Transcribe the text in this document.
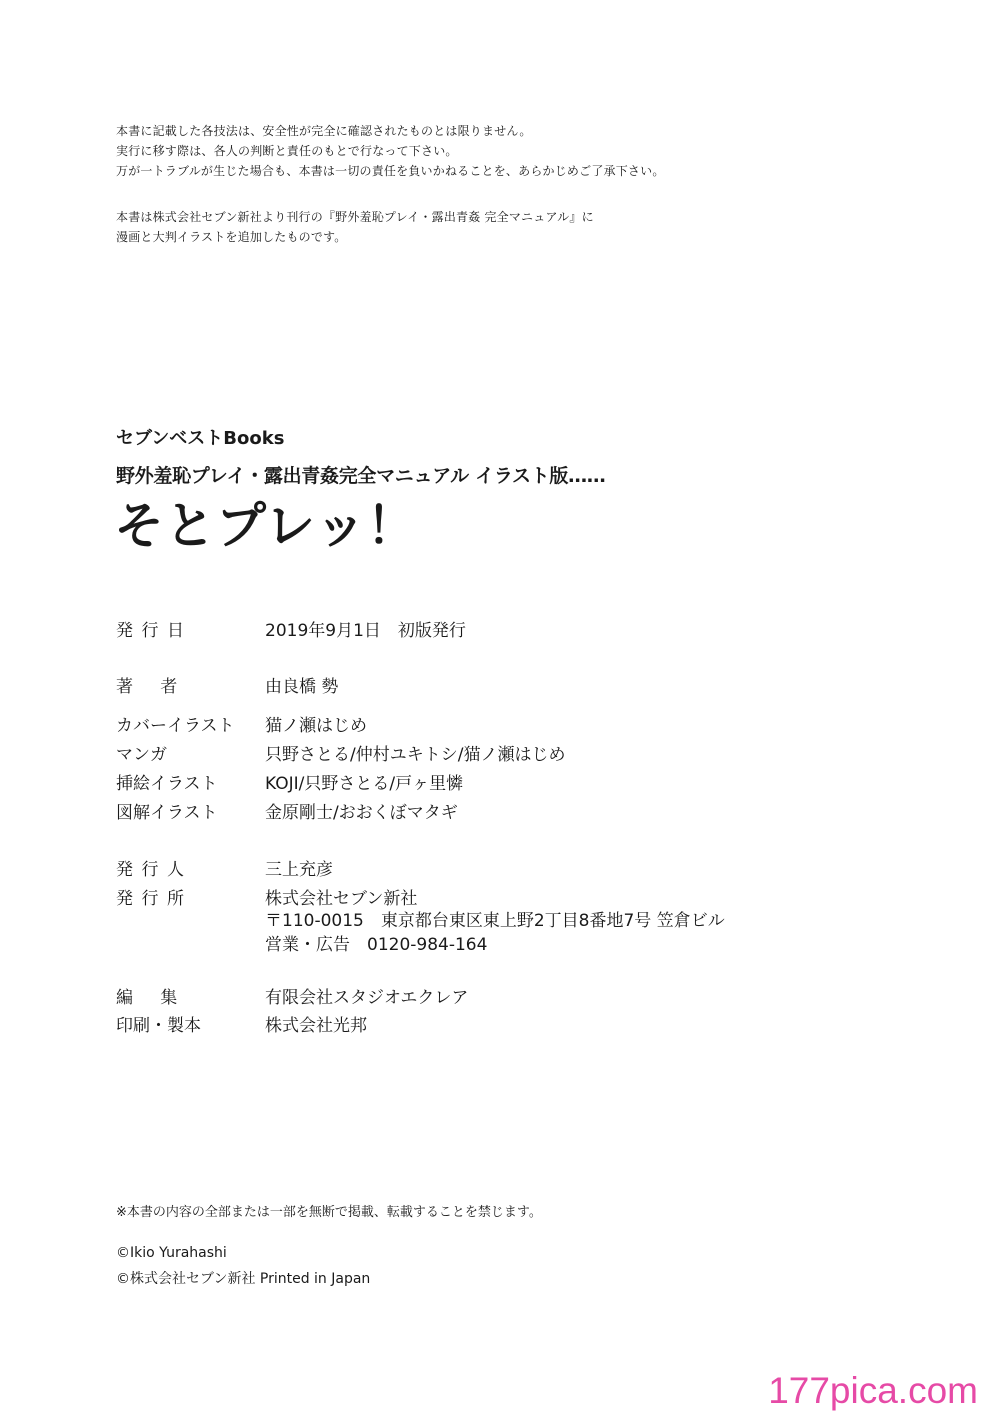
本書に記載した各技法は、安全性が完全に確認されたものとは限りません。
実行に移す際は、各人の判断と責任のもとで行なって下さい。
万が一トラブルが生じた場合も、本書は一切の責任を負いかねることを、あらかじめご了承下さい。
本書は株式会社セブン新社より刊行の『野外羞恥プレイ・露出青姦 完全マニュアル』に
漫画と大判イラストを追加したものです。
セブンベストBooks
野外羞恥プレイ・露出青姦完全マニュアル イラスト版……
そとプレッ！
発行日	2019年9月1日　初版発行
著者	由良橋 勢
カバーイラスト	猫ノ瀬はじめ
マンガ	只野さとる/仲村ユキトシ/猫ノ瀬はじめ
挿絵イラスト	KOJI/只野さとる/戸ヶ里憐
図解イラスト	金原剛士/おおくぼマタギ
発行人	三上充彦
発行所	株式会社セブン新社
〒110-0015　東京都台東区東上野2丁目8番地7号 笠倉ビル
営業・広告　0120-984-164
編集	有限会社スタジオエクレア
印刷・製本	株式会社光邦
※本書の内容の全部または一部を無断で掲載、転載することを禁じます。
©Ikio Yurahashi
©株式会社セブン新社 Printed in Japan
177pica.com
